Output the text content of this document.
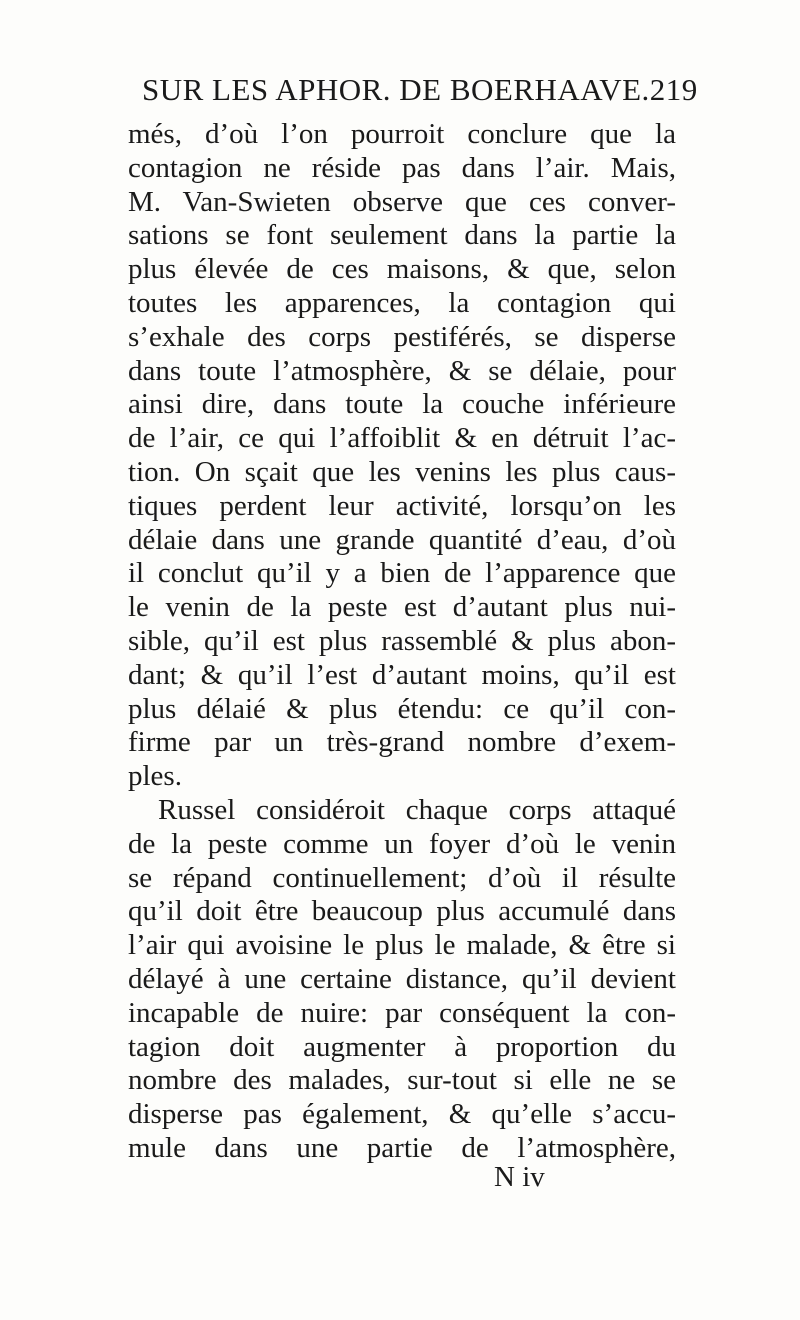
SUR LES APHOR. DE BOERHAAVE. 219
més, d’où l’on pourroit conclure que la
contagion ne réside pas dans l’air. Mais,
M. Van-Swieten observe que ces conver-
sations se font seulement dans la partie la
plus élevée de ces maisons, & que, selon
toutes les apparences, la contagion qui
s’exhale des corps pestiférés, se disperse
dans toute l’atmosphère, & se délaie, pour
ainsi dire, dans toute la couche inférieure
de l’air, ce qui l’affoiblit & en détruit l’ac-
tion. On sçait que les venins les plus caus-
tiques perdent leur activité, lorsqu’on les
délaie dans une grande quantité d’eau, d’où
il conclut qu’il y a bien de l’apparence que
le venin de la peste est d’autant plus nui-
sible, qu’il est plus rassemblé & plus abon-
dant; & qu’il l’est d’autant moins, qu’il est
plus délaié & plus étendu: ce qu’il con-
firme par un très-grand nombre d’exem-
ples.
Russel considéroit chaque corps attaqué
de la peste comme un foyer d’où le venin
se répand continuellement; d’où il résulte
qu’il doit être beaucoup plus accumulé dans
l’air qui avoisine le plus le malade, & être si
délayé à une certaine distance, qu’il devient
incapable de nuire: par conséquent la con-
tagion doit augmenter à proportion du
nombre des malades, sur-tout si elle ne se
disperse pas également, & qu’elle s’accu-
mule dans une partie de l’atmosphère,
N iv
